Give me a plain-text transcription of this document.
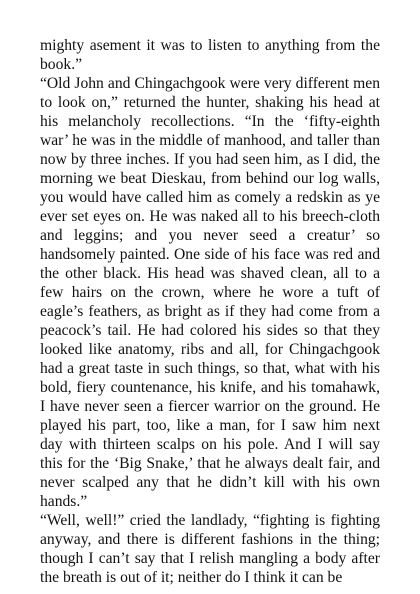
mighty asement it was to listen to anything from the book.”

“Old John and Chingachgook were very different men to look on,” returned the hunter, shaking his head at his melancholy recollections. “In the ‘fifty-eighth war’ he was in the middle of manhood, and taller than now by three inches. If you had seen him, as I did, the morning we beat Dieskau, from behind our log walls, you would have called him as comely a redskin as ye ever set eyes on. He was naked all to his breech-cloth and leggins; and you never seed a creatur’ so handsomely painted. One side of his face was red and the other black. His head was shaved clean, all to a few hairs on the crown, where he wore a tuft of eagle’s feathers, as bright as if they had come from a peacock’s tail. He had colored his sides so that they looked like anatomy, ribs and all, for Chingachgook had a great taste in such things, so that, what with his bold, fiery countenance, his knife, and his tomahawk, I have never seen a fiercer warrior on the ground. He played his part, too, like a man, for I saw him next day with thirteen scalps on his pole. And I will say this for the ‘Big Snake,’ that he always dealt fair, and never scalped any that he didn’t kill with his own hands.”

“Well, well!” cried the landlady, “fighting is fighting anyway, and there is different fashions in the thing; though I can’t say that I relish mangling a body after the breath is out of it; neither do I think it can be
